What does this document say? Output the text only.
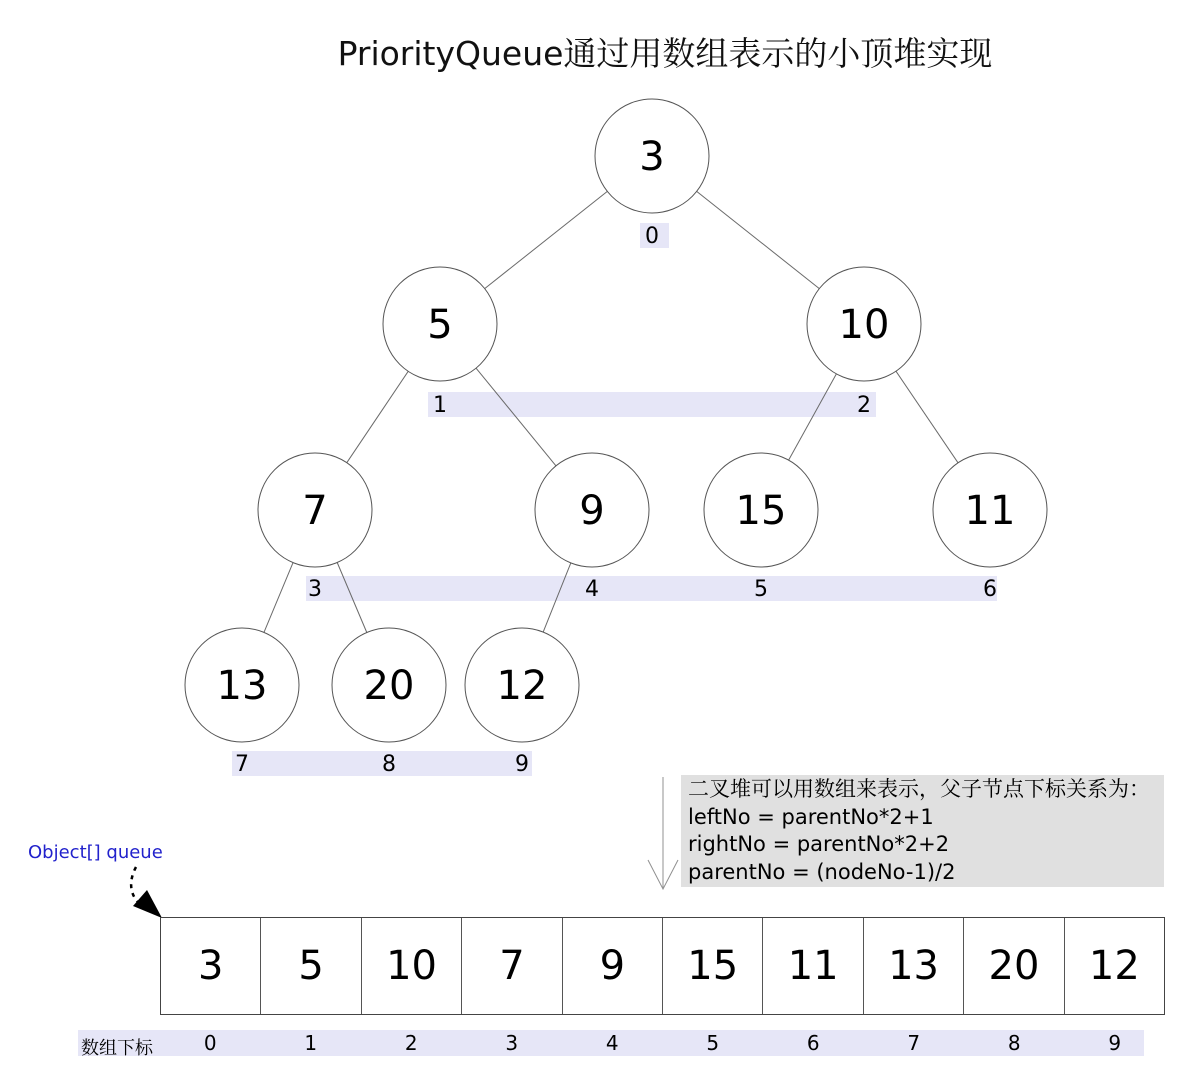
PriorityQueue通过用数组表示的小顶堆实现
0
1	2
3	4	5	6
7	8	9
3
5	10
7	9	15	11
13 20 12
二叉堆可以用数组来表示，父子节点下标关系为：
leftNo = parentNo*2+1
rightNo = parentNo*2+2
parentNo = (nodeNo-1)/2
Object[] queue
3	5	10	7	9	15	11	13	20	12
数组下标	0	1	2	3	4	5	6	7	8	9
